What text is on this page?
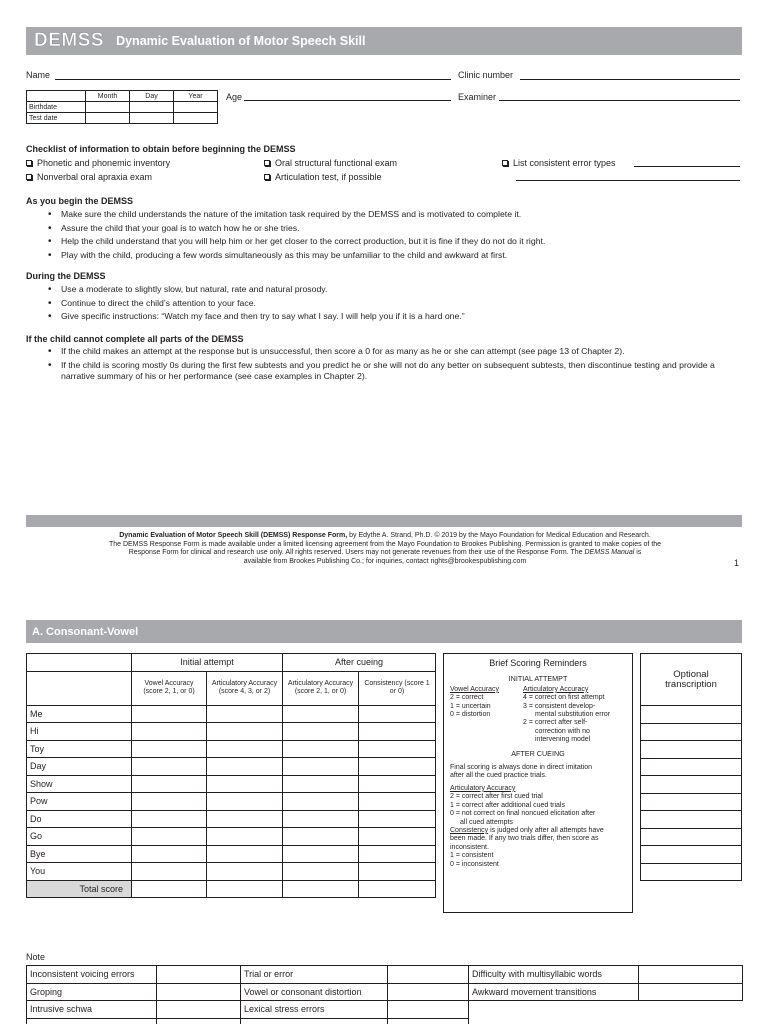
DEMSS Dynamic Evaluation of Motor Speech Skill
Name	Clinic number
	Month	Day	Year
Birthdate			
Test date			
Age	Examiner
Checklist of information to obtain before beginning the DEMSS
Phonetic and phonemic inventory	Oral structural functional exam	List consistent error types
Nonverbal oral apraxia exam	Articulation test, if possible
As you begin the DEMSS
• Make sure the child understands the nature of the imitation task required by the DEMSS and is motivated to complete it.
• Assure the child that your goal is to watch how he or she tries.
• Help the child understand that you will help him or her get closer to the correct production, but it is fine if they do not do it right.
• Play with the child, producing a few words simultaneously as this may be unfamiliar to the child and awkward at first.
During the DEMSS
• Use a moderate to slightly slow, but natural, rate and natural prosody.
• Continue to direct the child’s attention to your face.
• Give specific instructions: “Watch my face and then try to say what I say. I will help you if it is a hard one.”
If the child cannot complete all parts of the DEMSS
• If the child makes an attempt at the response but is unsuccessful, then score a 0 for as many as he or she can attempt (see page 13 of Chapter 2).
• If the child is scoring mostly 0s during the first few subtests and you predict he or she will not do any better on subsequent subtests, then discontinue testing and provide a narrative summary of his or her performance (see case examples in Chapter 2).
Dynamic Evaluation of Motor Speech Skill (DEMSS) Response Form, by Edythe A. Strand, Ph.D. © 2019 by the Mayo Foundation for Medical Education and Research.
The DEMSS Response Form is made available under a limited licensing agreement from the Mayo Foundation to Brookes Publishing. Permission is granted to make copies of the
Response Form for clinical and research use only. All rights reserved. Users may not generate revenues from their use of the Response Form. The DEMSS Manual is
available from Brookes Publishing Co.; for inquiries, contact rights@brookespublishing.com	1
A. Consonant-Vowel
	Initial attempt		After cueing	
	Vowel Accuracy (score 2, 1, or 0)	Articulatory Accuracy (score 4, 3, or 2)	Articulatory Accuracy (score 2, 1, or 0)	Consistency (score 1 or 0)
Me				
Hi				
Toy				
Day				
Show				
Pow				
Do				
Go				
Bye				
You				
Total score				
Brief Scoring Reminders
INITIAL ATTEMPT
Vowel Accuracy
2 = correct
1 = uncertain
0 = distortion
Articulatory Accuracy
4 = correct on first attempt
3 = consistent develop-
mental substitution error
2 = correct after self-
correction with no
intervening model
AFTER CUEING
Final scoring is always done in direct imitation
after all the cued practice trials.
Articulatory Accuracy
2 = correct after first cued trial
1 = correct after additional cued trials
0 = not correct on final noncued elicitation after
all cued attempts
Consistency is judged only after all attempts have
been made. If any two trials differ, then score as
inconsistent.
1 = consistent
0 = inconsistent
Optional
transcription

Note
Inconsistent voicing errors		Trial or error		Difficulty with multisyllabic words	
Groping		Vowel or consonant distortion		Awkward movement transitions	
Intrusive schwa		Lexical stress errors			
